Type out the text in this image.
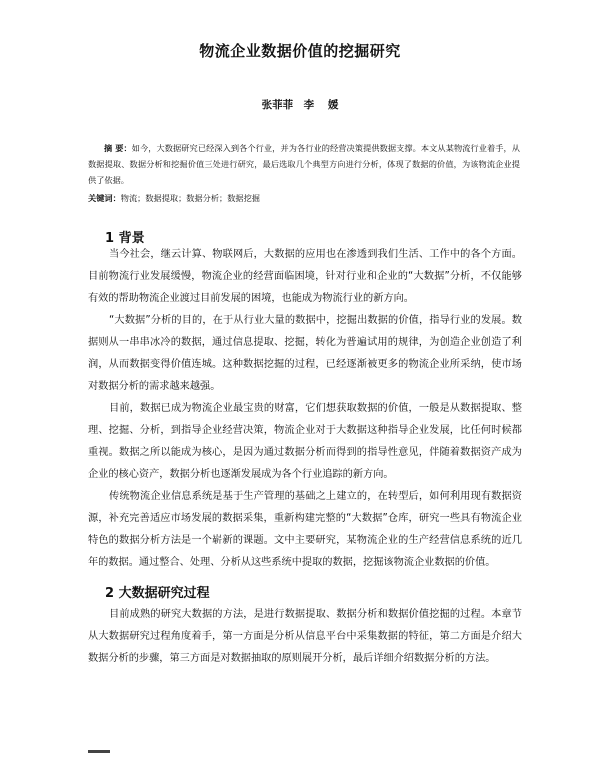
物流企业数据价值的挖掘研究
张菲菲　李 媛

摘 要：如今，大数据研究已经深入到各个行业，并为各行业的经营决策提供数据支撑。本文从某物流行业着手，从数据提取、数据分析和挖掘价值三处进行研究，最后选取几个典型方向进行分析，体现了数据的价值，为该物流企业提供了依据。

关键词：物流；数据提取；数据分析；数据挖掘

1 背景

当今社会，继云计算、物联网后，大数据的应用也在渗透到我们生活、工作中的各个方面。目前物流行业发展缓慢，物流企业的经营面临困境，针对行业和企业的“大数据”分析，不仅能够有效的帮助物流企业渡过目前发展的困境，也能成为物流行业的新方向。

“大数据”分析的目的，在于从行业大量的数据中，挖掘出数据的价值，指导行业的发展。数据则从一串串冰冷的数据，通过信息提取、挖掘，转化为普遍试用的规律，为创造企业创造了利润，从而数据变得价值连城。这种数据挖掘的过程，已经逐渐被更多的物流企业所采纳，使市场对数据分析的需求越来越强。

目前，数据已成为物流企业最宝贵的财富，它们想获取数据的价值，一般是从数据提取、整理、挖掘、分析，到指导企业经营决策，物流企业对于大数据这种指导企业发展，比任何时候都重视。数据之所以能成为核心，是因为通过数据分析而得到的指导性意见，伴随着数据资产成为企业的核心资产，数据分析也逐渐发展成为各个行业追踪的新方向。

传统物流企业信息系统是基于生产管理的基础之上建立的，在转型后，如何利用现有数据资源，补充完善适应市场发展的数据采集，重新构建完整的“大数据”仓库，研究一些具有物流企业特色的数据分析方法是一个崭新的课题。文中主要研究，某物流企业的生产经营信息系统的近几年的数据。通过整合、处理、分析从这些系统中提取的数据，挖掘该物流企业数据的价值。

2 大数据研究过程

目前成熟的研究大数据的方法，是进行数据提取、数据分析和数据价值挖掘的过程。本章节从大数据研究过程角度着手，第一方面是分析从信息平台中采集数据的特征，第二方面是介绍大数据分析的步骤，第三方面是对数据抽取的原则展开分析，最后详细介绍数据分析的方法。
